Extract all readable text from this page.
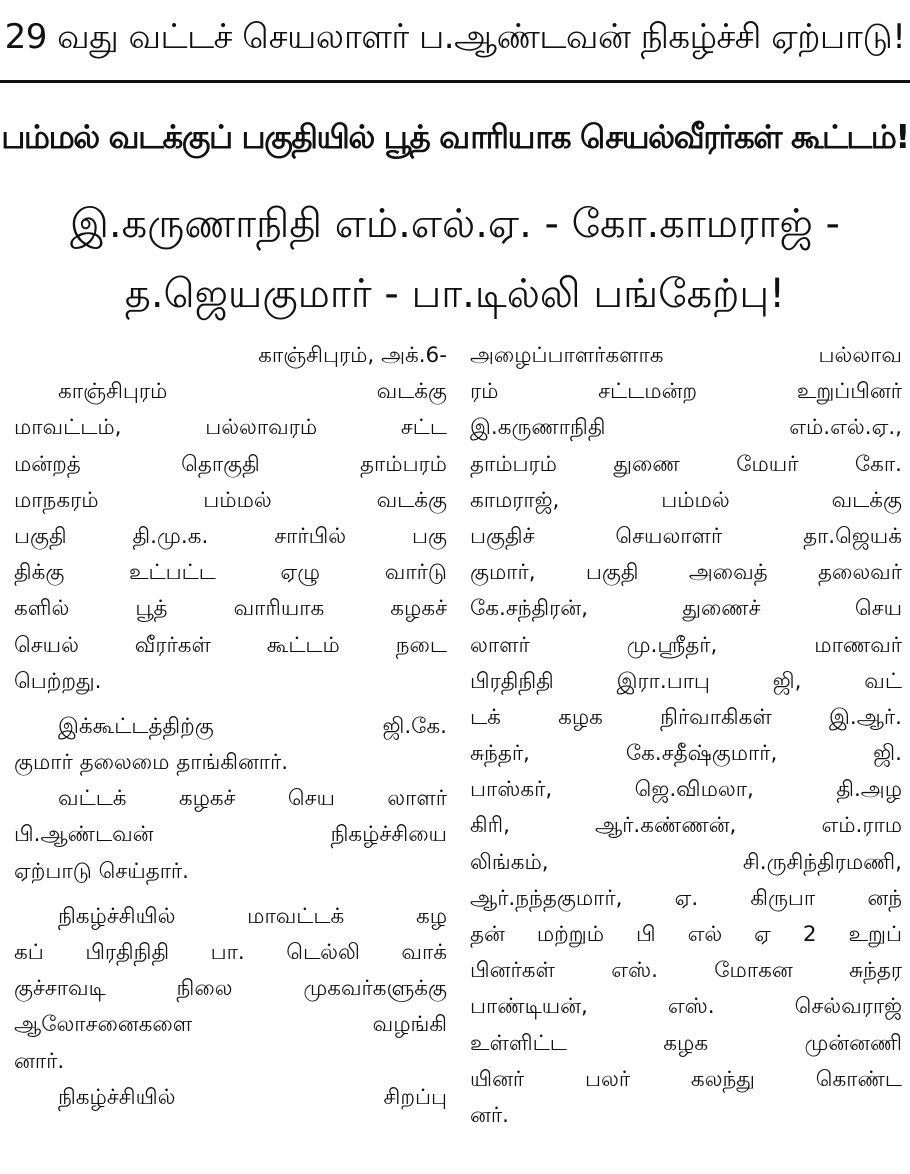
29 வது வட்டச் செயலாளர் ப.ஆண்டவன் நிகழ்ச்சி ஏற்பாடு!
பம்மல் வடக்குப் பகுதியில் பூத் வாரியாக செயல்வீரர்கள் கூட்டம்!
இ.கருணாநிதி எம்.எல்.ஏ. - கோ.காமராஜ் -
த.ஜெயகுமார் - பா.டில்லி பங்கேற்பு!
காஞ்சிபுரம், அக்.6-
காஞ்சிபுரம் வடக்கு
மாவட்டம், பல்லாவரம் சட்ட
மன்றத் தொகுதி தாம்பரம்
மாநகரம் பம்மல் வடக்கு
பகுதி தி.மு.க. சார்பில் பகு
திக்கு உட்பட்ட ஏழு வார்டு
களில் பூத் வாரியாக கழகச்
செயல் வீரர்கள் கூட்டம் நடை
பெற்றது.
இக்கூட்டத்திற்கு ஜி.கே.
குமார் தலைமை தாங்கினார்.
வட்டக் கழகச் செய லாளர்
பி.ஆண்டவன் நிகழ்ச்சியை
ஏற்பாடு செய்தார்.
நிகழ்ச்சியில் மாவட்டக் கழ
கப் பிரதிநிதி பா. டெல்லி வாக்
குச்சாவடி நிலை முகவர்களுக்கு
ஆலோசனைகளை வழங்கி
னார்.
நிகழ்ச்சியில் சிறப்பு
அழைப்பாளர்களாக பல்லாவ
ரம் சட்டமன்ற உறுப்பினர்
இ.கருணாநிதி எம்.எல்.ஏ.,
தாம்பரம் துணை மேயர் கோ.
காமராஜ், பம்மல் வடக்கு
பகுதிச் செயலாளர் தா.ஜெயக்
குமார், பகுதி அவைத் தலைவர்
கே.சந்திரன், துணைச் செய
லாளர் மு.ஸ்ரீதர், மாணவர்
பிரதிநிதி இரா.பாபு ஜி, வட்
டக் கழக நிர்வாகிகள் இ.ஆர்.
சுந்தர், கே.சதீஷ்குமார், ஜி.
பாஸ்கர், ஜெ.விமலா, தி.அழ
கிரி, ஆர்.கண்ணன், எம்.ராம
லிங்கம், சி.ருசிந்திரமணி,
ஆர்.நந்தகுமார், ஏ. கிருபா னந்
தன் மற்றும் பி எல் ஏ 2 உறுப்
பினர்கள் எஸ். மோகன சுந்தர
பாண்டியன், எஸ். செல்வராஜ்
உள்ளிட்ட கழக முன்னணி
யினர் பலர் கலந்து கொண்ட
னர்.
